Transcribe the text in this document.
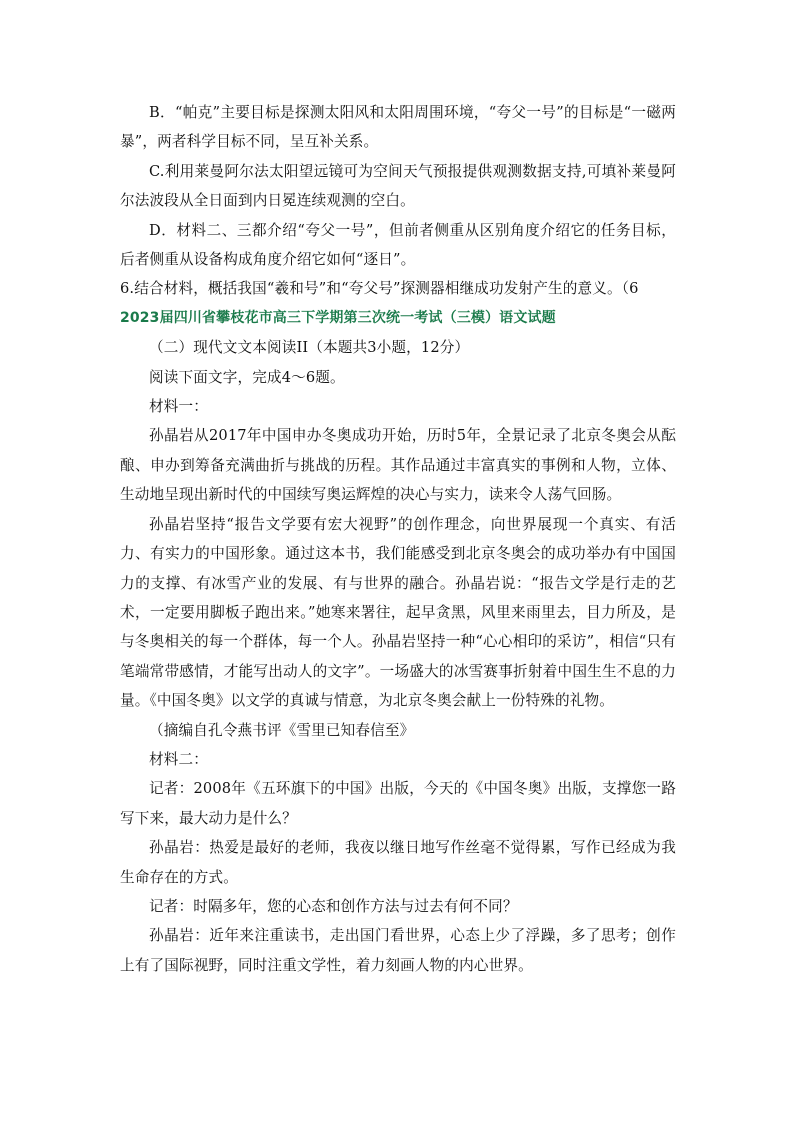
B．“帕克”主要目标是探测太阳风和太阳周围环境，“夸父一号”的目标是“一磁两暴”，两者科学目标不同，呈互补关系。

C.利用莱曼阿尔法太阳望远镜可为空间天气预报提供观测数据支持,可填补莱曼阿尔法波段从全日面到内日冕连续观测的空白。

D．材料二、三都介绍“夸父一号”，但前者侧重从区别角度介绍它的任务目标，后者侧重从设备构成角度介绍它如何“逐日”。

6.结合材料，概括我国“羲和号”和“夸父号”探测器相继成功发射产生的意义。（6

2023届四川省攀枝花市高三下学期第三次统一考试（三模）语文试题

（二）现代文文本阅读II（本题共3小题，12分）

阅读下面文字，完成4～6题。

材料一：

孙晶岩从2017年中国申办冬奥成功开始，历时5年，全景记录了北京冬奥会从酝酿、申办到筹备充满曲折与挑战的历程。其作品通过丰富真实的事例和人物，立体、生动地呈现出新时代的中国续写奥运辉煌的决心与实力，读来令人荡气回肠。

孙晶岩坚持“报告文学要有宏大视野”的创作理念，向世界展现一个真实、有活力、有实力的中国形象。通过这本书，我们能感受到北京冬奥会的成功举办有中国国力的支撑、有冰雪产业的发展、有与世界的融合。孙晶岩说：“报告文学是行走的艺术，一定要用脚板子跑出来。”她寒来署往，起早贪黑，风里来雨里去，目力所及，是与冬奥相关的每一个群体，每一个人。孙晶岩坚持一种“心心相印的采访”，相信“只有笔端常带感情，才能写出动人的文字”。一场盛大的冰雪赛事折射着中国生生不息的力量。《中国冬奥》以文学的真诚与情意，为北京冬奥会献上一份特殊的礼物。

（摘编自孔令燕书评《雪里已知春信至》

材料二：

记者：2008年《五环旗下的中国》出版，今天的《中国冬奥》出版，支撑您一路写下来，最大动力是什么？

孙晶岩：热爱是最好的老师，我夜以继日地写作丝毫不觉得累，写作已经成为我生命存在的方式。

记者：时隔多年，您的心态和创作方法与过去有何不同？

孙晶岩：近年来注重读书，走出国门看世界，心态上少了浮躁，多了思考；创作上有了国际视野，同时注重文学性，着力刻画人物的内心世界。
